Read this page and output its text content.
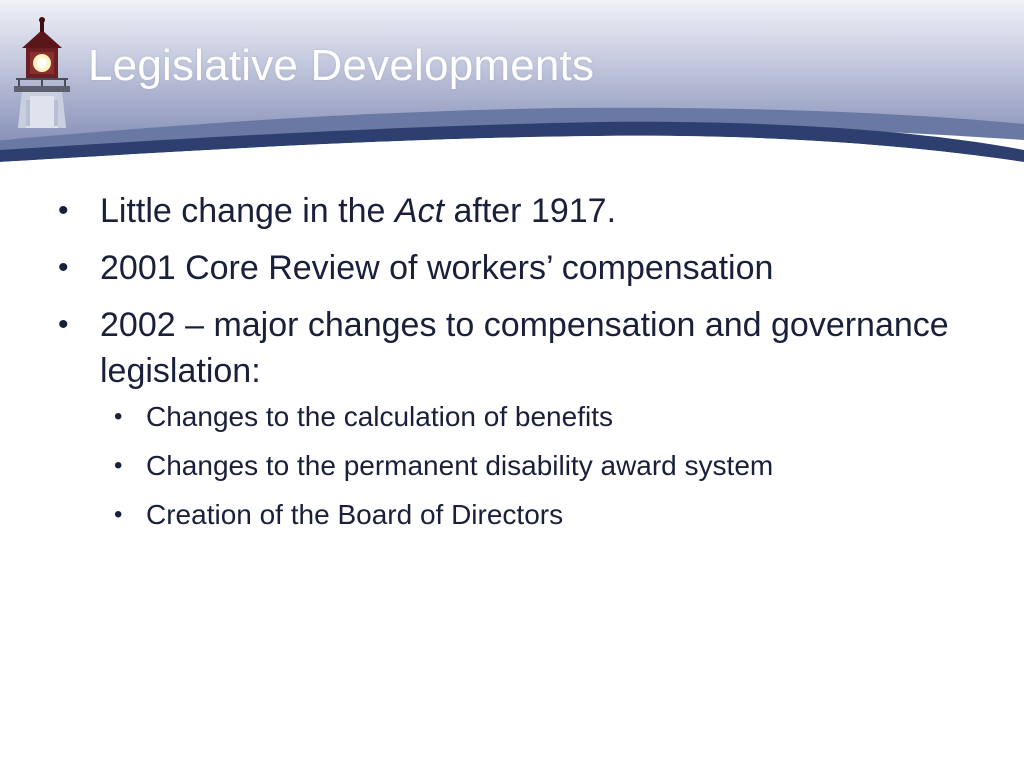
Legislative Developments
• Little change in the Act after 1917.
• 2001 Core Review of workers’ compensation
• 2002 – major changes to compensation and governance legislation:
• Changes to the calculation of benefits
• Changes to the permanent disability award system
• Creation of the Board of Directors
